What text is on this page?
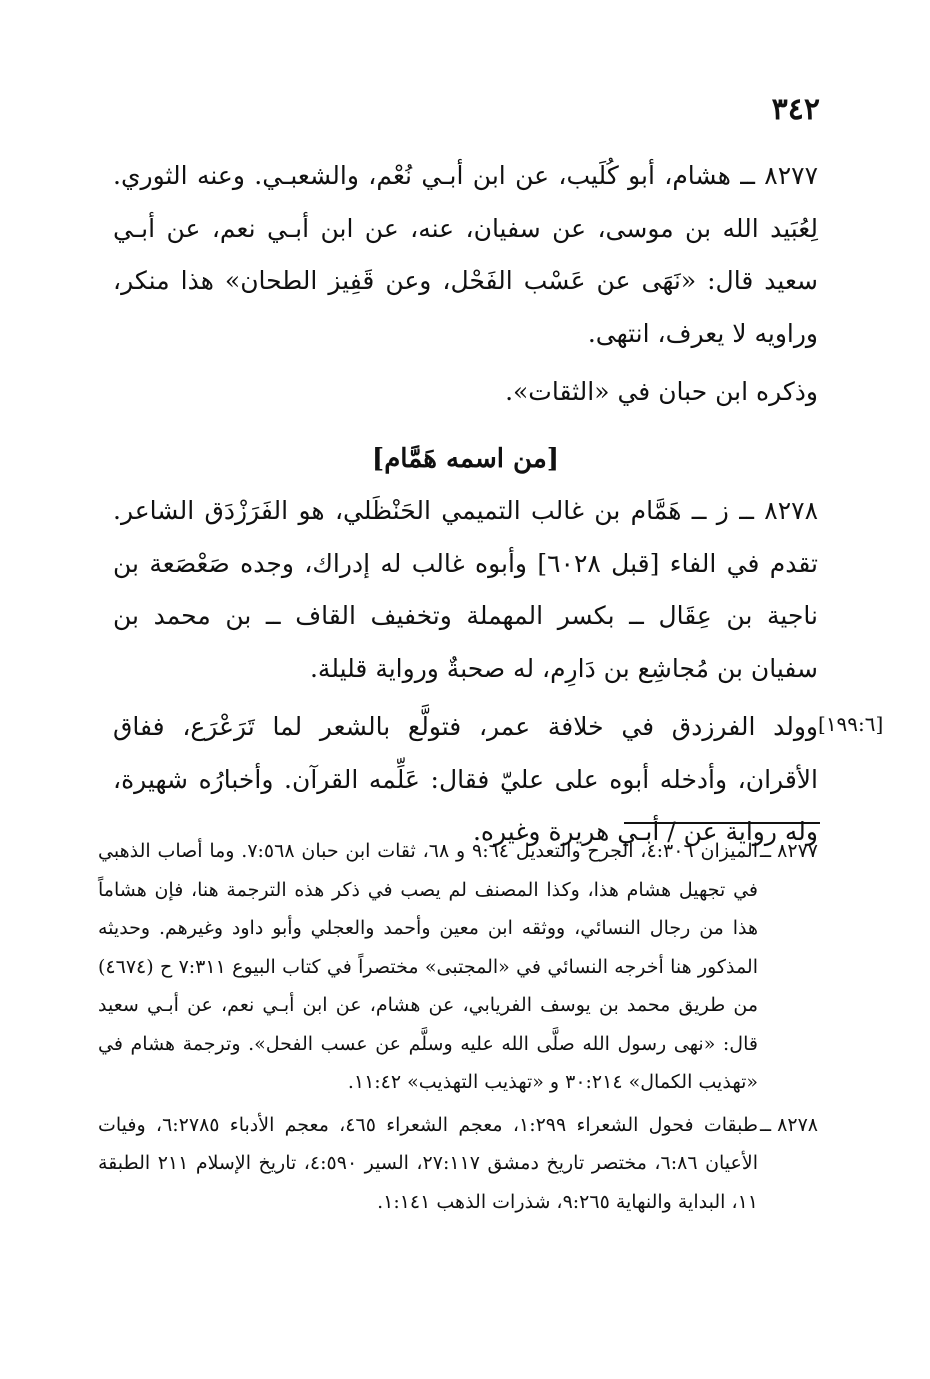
٣٤٢

٨٢٧٧ ــ هشام، أبو كُلَيب، عن ابن أبـي نُعْم، والشعبـي. وعنه الثوري. لِعُبَيد الله بن موسى، عن سفيان، عنه، عن ابن أبـي نعم، عن أبـي سعيد قال: «نَهَى عن عَسْب الفَحْل، وعن قَفِيز الطحان» هذا منكر، وراويه لا يعرف، انتهى.

وذكره ابن حبان في «الثقات».

[من اسمه هَمَّام]

٨٢٧٨ ــ ز ــ هَمَّام بن غالب التميمي الحَنْظَلي، هو الفَرَزْدَق الشاعر. تقدم في الفاء [قبل ٦٠٢٨] وأبوه غالب له إدراك، وجده صَعْصَعة بن ناجية بن عِقَال ــ بكسر المهملة وتخفيف القاف ــ بن محمد بن سفيان بن مُجاشِع بن دَارِم، له صحبةٌ ورواية قليلة.

وولد الفرزدق في خلافة عمر، فتولَّع بالشعر لما تَرَعْرَع، ففاق الأقران، وأدخله أبوه على عليّ فقال: عَلِّمه القرآن. وأخبارُه شهيرة، وله رواية عن / أبـي هريرة وغيره.

[١٩٩:٦]
٨٢٧٧ ــ
الميزان ٤:٣٠٦، الجرح والتعديل ٩:٦٤ و ٦٨، ثقات ابن حبان ٧:٥٦٨. وما أصاب الذهبي في تجهيل هشام هذا، وكذا المصنف لم يصب في ذكر هذه الترجمة هنا، فإن هشاماً هذا من رجال النسائي، ووثقه ابن معين وأحمد والعجلي وأبو داود وغيرهم. وحديثه المذكور هنا أخرجه النسائي في «المجتبى» مختصراً في كتاب البيوع ٧:٣١١ ح (٤٦٧٤) من طريق محمد بن يوسف الفريابي، عن هشام، عن ابن أبـي نعم، عن أبـي سعيد قال: «نهى رسول الله صلَّى الله عليه وسلَّم عن عسب الفحل». وترجمة هشام في «تهذيب الكمال» ٣٠:٢١٤ و «تهذيب التهذيب» ١١:٤٢.
٨٢٧٨ ــ
طبقات فحول الشعراء ١:٢٩٩، معجم الشعراء ٤٦٥، معجم الأدباء ٦:٢٧٨٥، وفيات الأعيان ٦:٨٦، مختصر تاريخ دمشق ٢٧:١١٧، السير ٤:٥٩٠، تاريخ الإسلام ٢١١ الطبقة ١١، البداية والنهاية ٩:٢٦٥، شذرات الذهب ١:١٤١.
